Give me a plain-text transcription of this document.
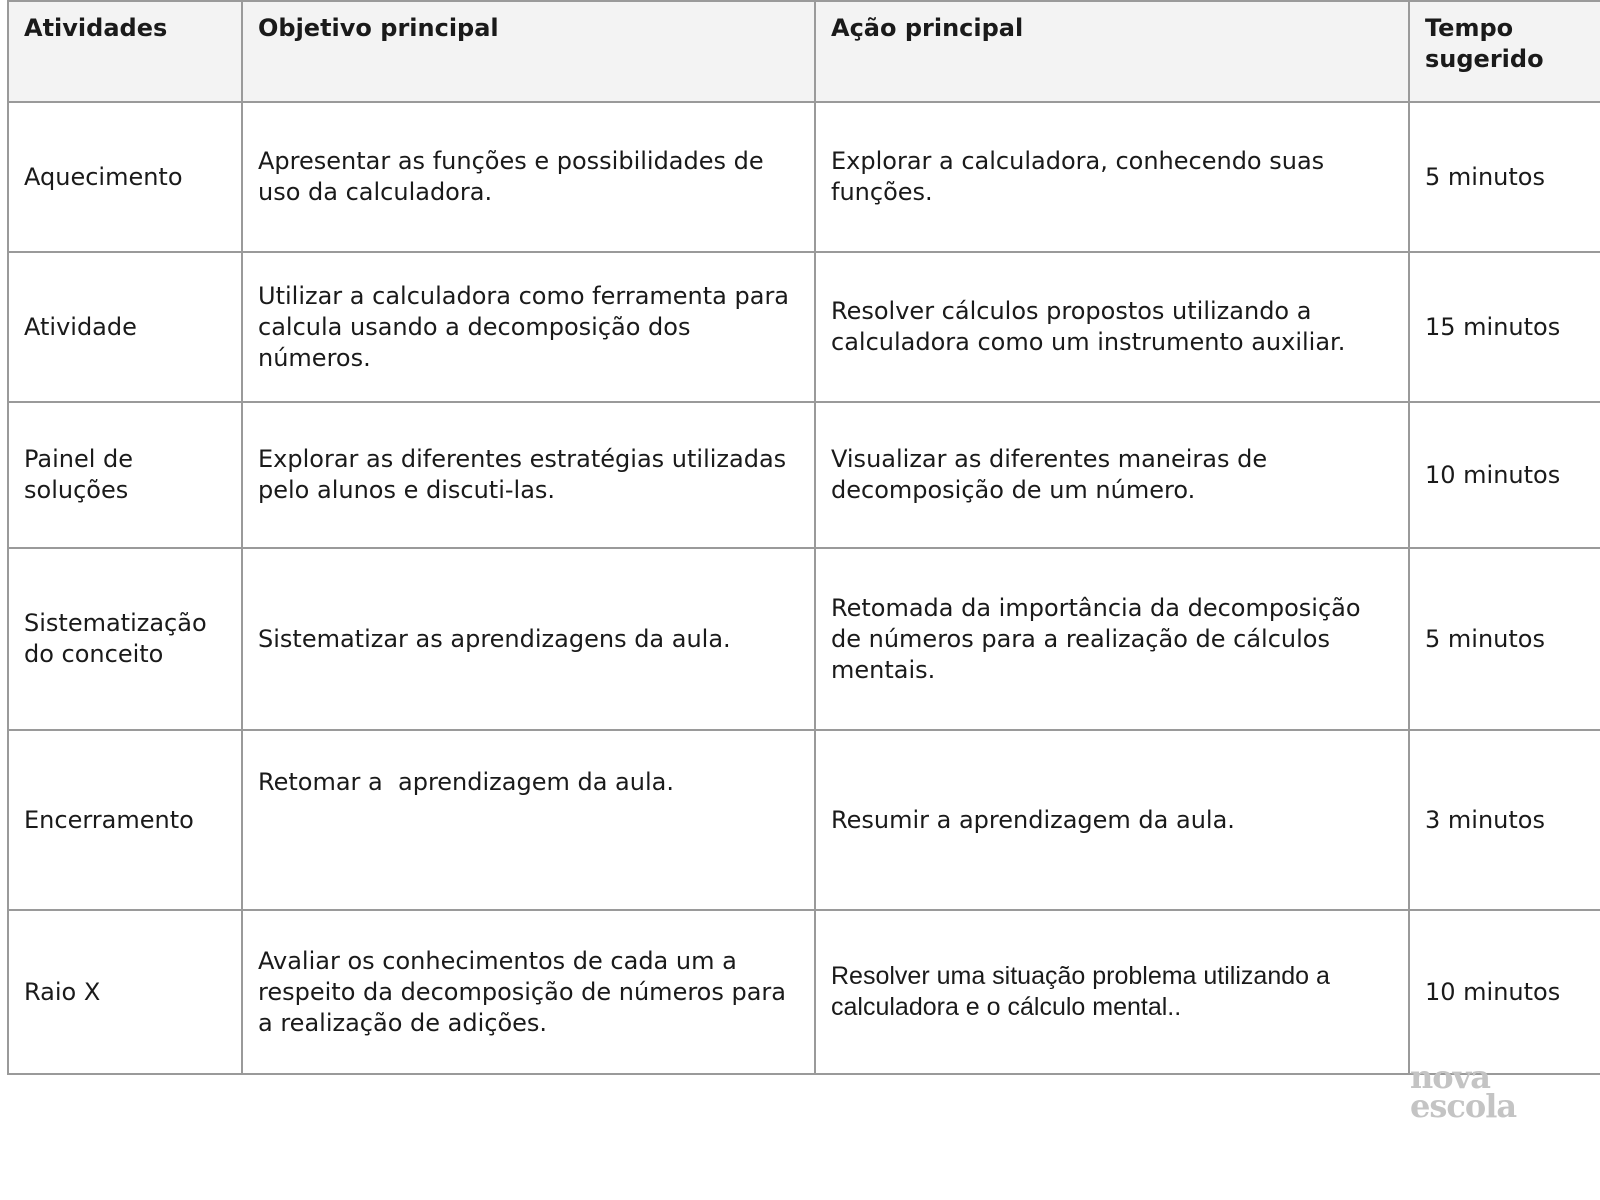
Atividades	Objetivo principal	Ação principal	Tempo sugerido
Aquecimento	Apresentar as funções e possibilidades de uso da calculadora.	Explorar a calculadora, conhecendo suas funções.	5 minutos
Atividade	Utilizar a calculadora como ferramenta para calcula usando a decomposição dos números.	Resolver cálculos propostos utilizando a calculadora como um instrumento auxiliar.	15 minutos
Painel de soluções	Explorar as diferentes estratégias utilizadas pelo alunos e discuti-las.	Visualizar as diferentes maneiras de decomposição de um número.	10 minutos
Sistematização do conceito	Sistematizar as aprendizagens da aula.	Retomada da importância da decomposição de números para a realização de cálculos mentais.	5 minutos
Encerramento	Retomar a  aprendizagem da aula.	Resumir a aprendizagem da aula.	3 minutos
Raio X	Avaliar os conhecimentos de cada um a respeito da decomposição de números para a realização de adições.	Resolver uma situação problema utilizando a calculadora e o cálculo mental..	10 minutos
nova
escola
